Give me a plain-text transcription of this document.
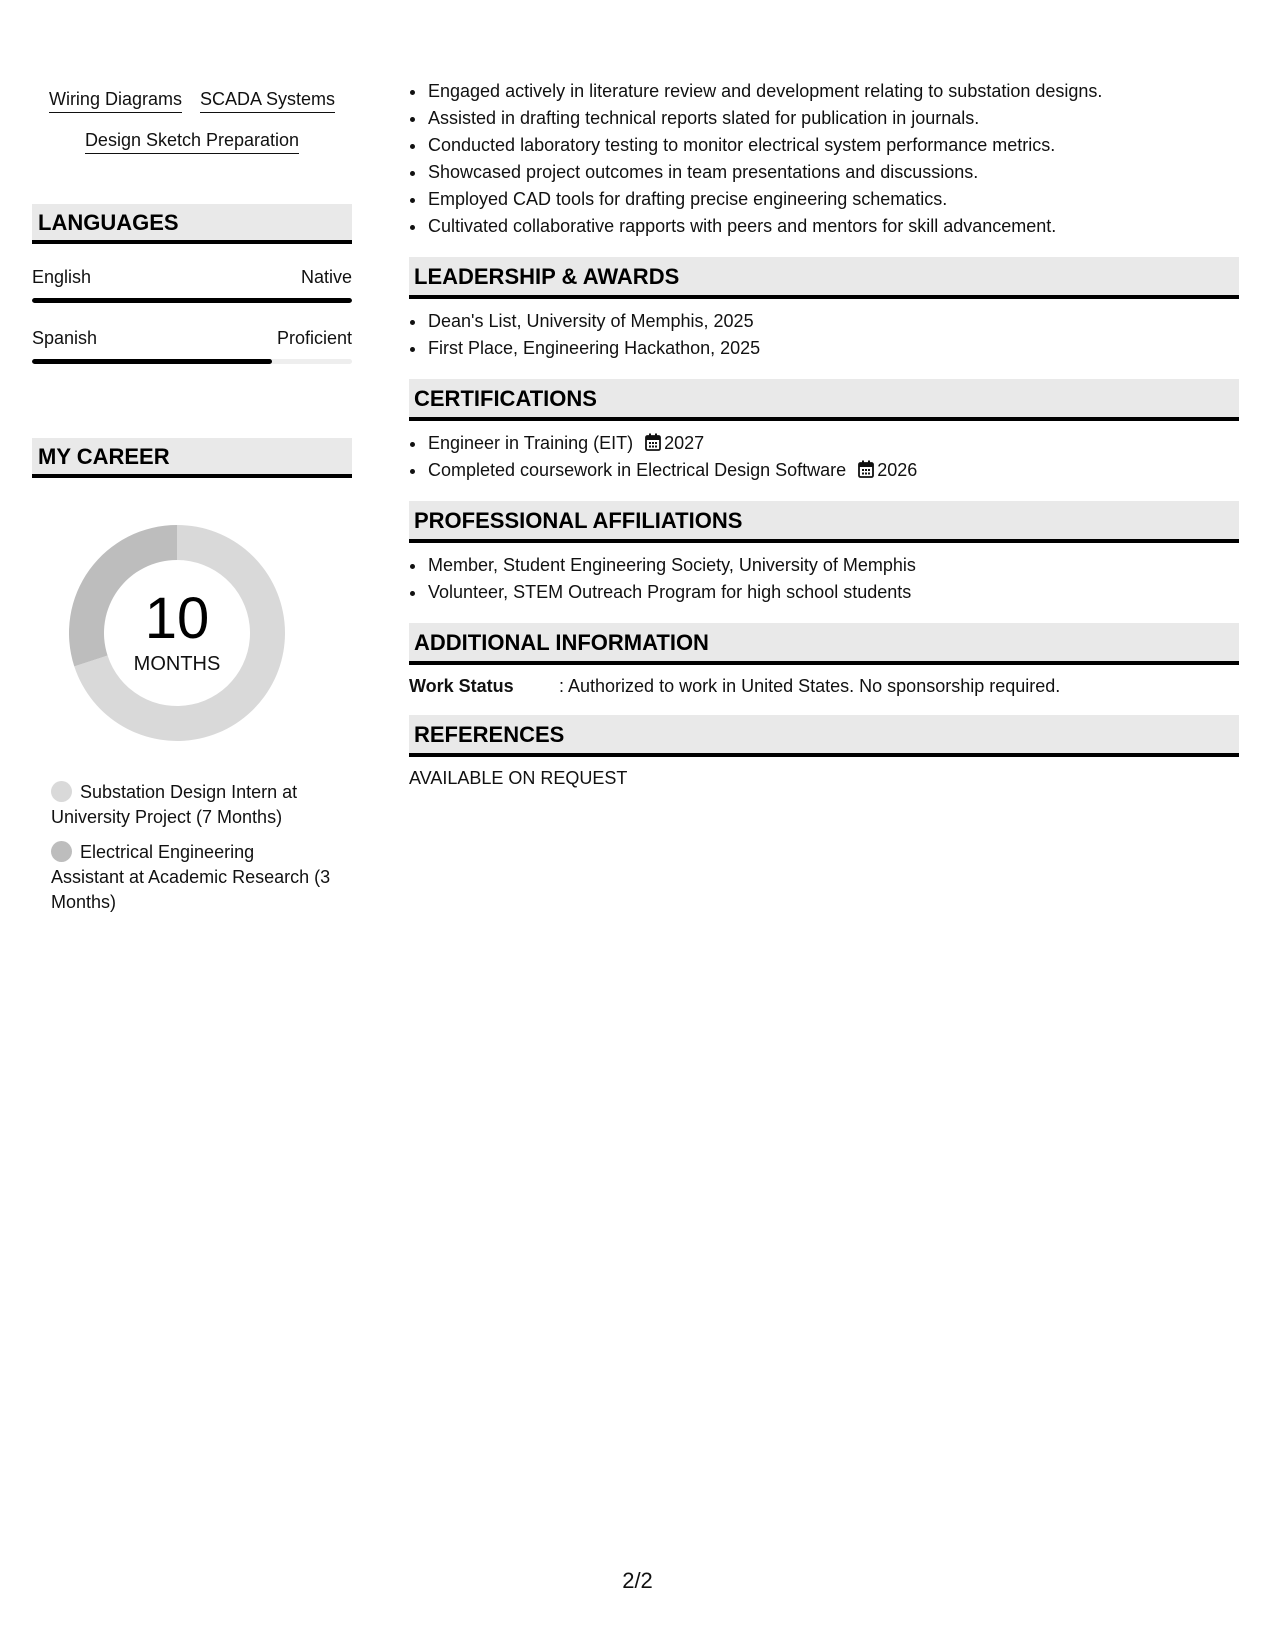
Wiring Diagrams SCADA Systems
Design Sketch Preparation
LANGUAGES
English	Native
Spanish	Proficient
MY CAREER
10
MONTHS
Substation Design Intern at University Project (7 Months)
Electrical Engineering Assistant at Academic Research (3 Months)
• Engaged actively in literature review and development relating to substation designs.
• Assisted in drafting technical reports slated for publication in journals.
• Conducted laboratory testing to monitor electrical system performance metrics.
• Showcased project outcomes in team presentations and discussions.
• Employed CAD tools for drafting precise engineering schematics.
• Cultivated collaborative rapports with peers and mentors for skill advancement.
LEADERSHIP & AWARDS
• Dean's List, University of Memphis, 2025
• First Place, Engineering Hackathon, 2025
CERTIFICATIONS
• Engineer in Training (EIT) 2027
• Completed coursework in Electrical Design Software 2026
PROFESSIONAL AFFILIATIONS
• Member, Student Engineering Society, University of Memphis
• Volunteer, STEM Outreach Program for high school students
ADDITIONAL INFORMATION
Work Status	: Authorized to work in United States. No sponsorship required.
REFERENCES
AVAILABLE ON REQUEST
2/2
